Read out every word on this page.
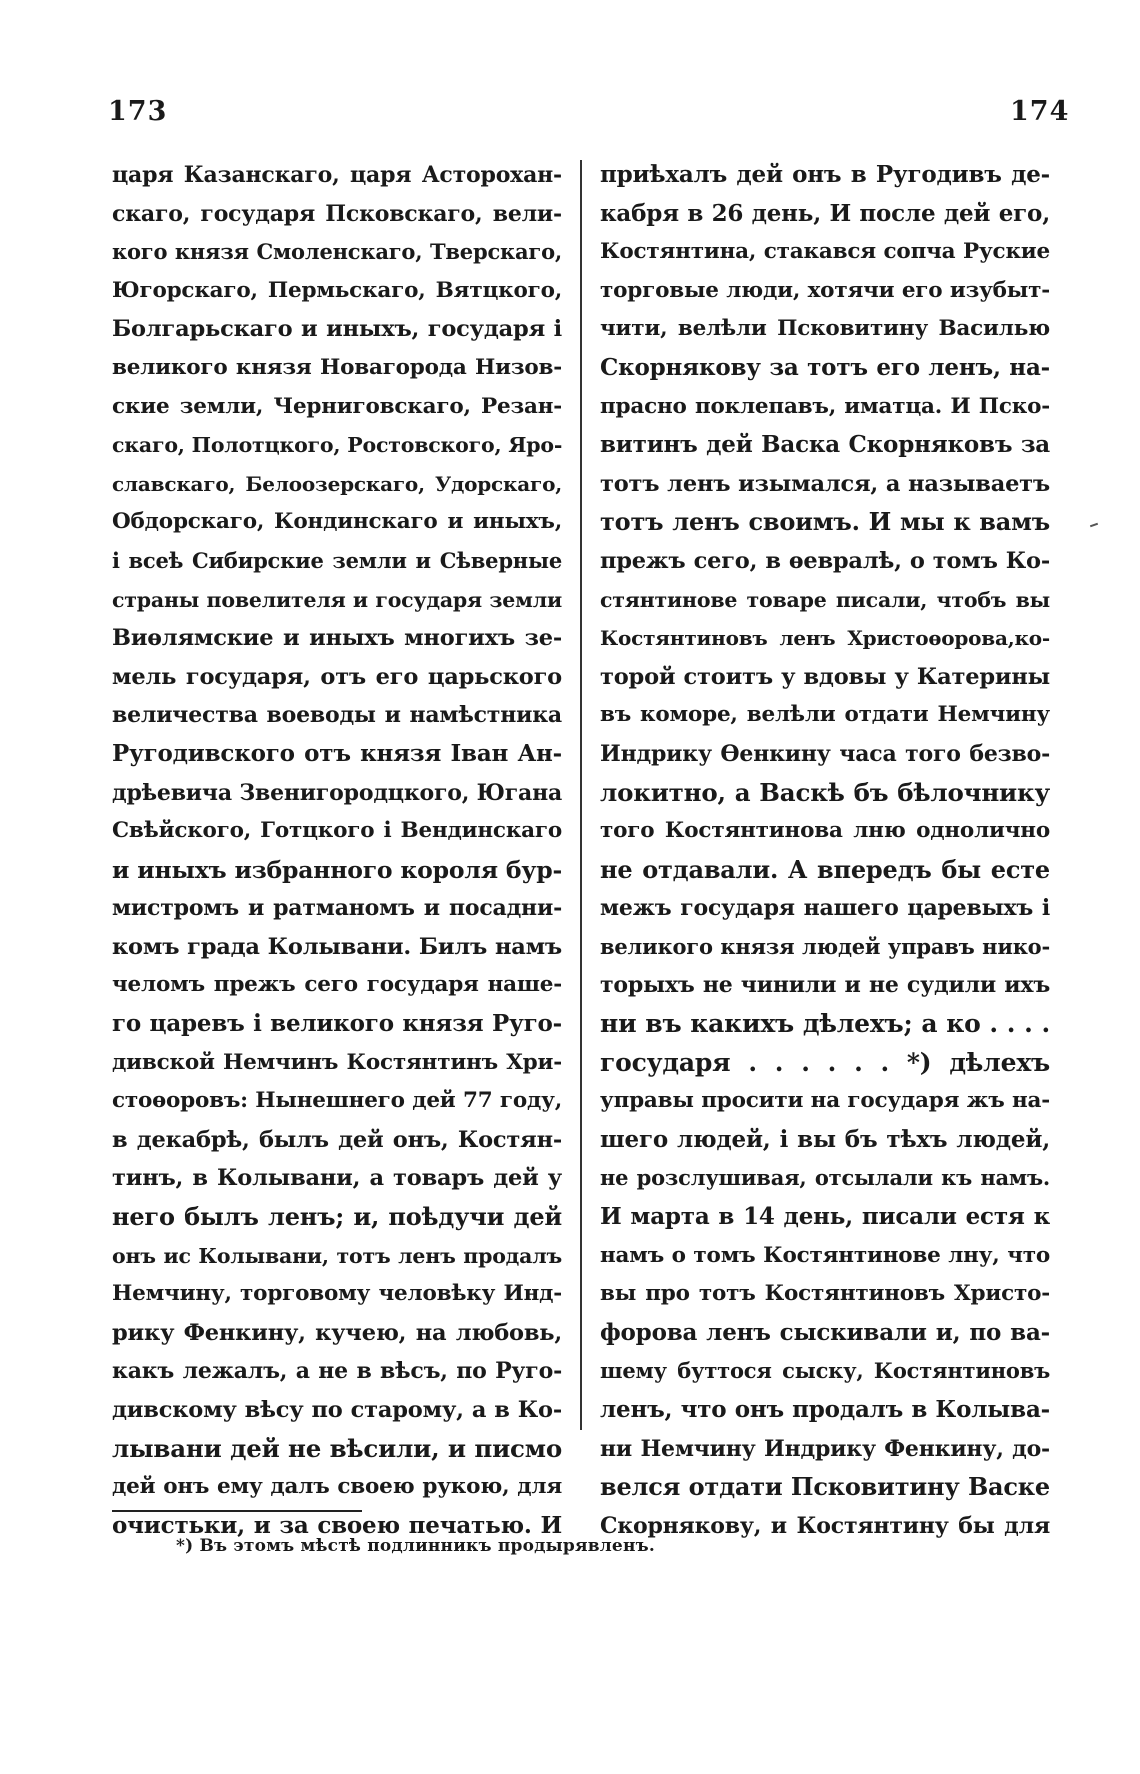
173	174
царя Казанскаго, царя Асторохан-
скаго, государя Псковскаго, вели-
кого князя Смоленскаго, Тверскаго,
Югорскаго, Пермьскаго, Вятцкого,
Болгарьскаго и иныхъ, государя і
великого князя Новагорода Низов-
скиe земли, Черниговскаго, Резан-
скаго, Полотцкого, Ростовского, Яро-
славскаго, Белоозерскаго, Удорскаго,
Обдорскаго, Кондинскаго и иныхъ,
і всеѣ Сибирские земли и Сѣверные
страны повелителя и государя земли
Виѳлямские и иныхъ многихъ зе-
мель государя, отъ его царьского
величества воеводы и намѣстника
Ругодивского отъ князя Іван Ан-
дрѣевича Звенигородцкого, Югана
Свѣйского, Готцкого і Вендинскаго
и иныхъ избранного короля бур-
мистромъ и ратманомъ и посадни-
комъ града Колывани. Билъ намъ
челомъ прежъ сего государя наше-
го царевъ і великого князя Руго-
дивской Немчинъ Костянтинъ Хри-
стоѳоровъ: Нынешнего дей 77 году,
в декабрѣ, былъ дей онъ, Костян-
тинъ, в Колывани, а товаръ дей у
него былъ ленъ; и, поѣдучи дей
онъ ис Колывани, тотъ ленъ продалъ
Немчину, торговому человѣку Инд-
рику Фенкину, кучею, на любовь,
какъ лежалъ, а не в вѣсъ, по Руго-
дивскому вѣсу по старому, а в Ко-
лывани дей не вѣсили, и писмо
дей онъ ему далъ своею рукою, для
очистьки, и за своею печатью. И
приѣхалъ дей онъ в Ругодивъ де-
кабря в 26 день, И после дей его,
Костянтина, стакався сопча Руские
торговые люди, хотячи его изубыт-
чити, велѣли Псковитину Василью
Скорнякову за тотъ его ленъ, на-
прасно поклепавъ, иматца. И Пско-
витинъ дей Васка Скорняковъ за
тотъ ленъ изымался, а называетъ
тотъ ленъ своимъ. И мы к вамъ
прежъ сего, в ѳевралѣ, о томъ Ко-
стянтинове товаре писали, чтобъ вы
Костянтиновъ ленъ Христоѳорова,ко-
торой стоитъ у вдовы у Катерины
въ коморе, велѣли отдати Немчину
Индрику Ѳенкину часа того безво-
локитно, а Васкѣ бъ бѣлочнику
того Костянтинова лню однолично
не отдавали. А впередъ бы есте
межъ государя нашего царевыхъ і
великого князя людей управъ нико-
торыхъ не чинили и не судили ихъ
ни въ какихъ дѣлехъ; а ко . . . .
государя . . . . . . *) дѣлехъ
управы просити на государя жъ на-
шего людей, і вы бъ тѣхъ людей,
не розслушивая, отсылали къ намъ.
И марта в 14 день, писали естя к
намъ о томъ Костянтинове лну, что
вы про тотъ Костянтиновъ Христо-
форова ленъ сыскивали и, по ва-
шему буттося сыску, Костянтиновъ
ленъ, что онъ продалъ в Колыва-
ни Немчину Индрику Фенкину, до-
велся отдати Псковитину Васке
Скорнякову, и Костянтину бы для
*) Въ этомъ мѣстѣ подлинникъ продырявленъ.
